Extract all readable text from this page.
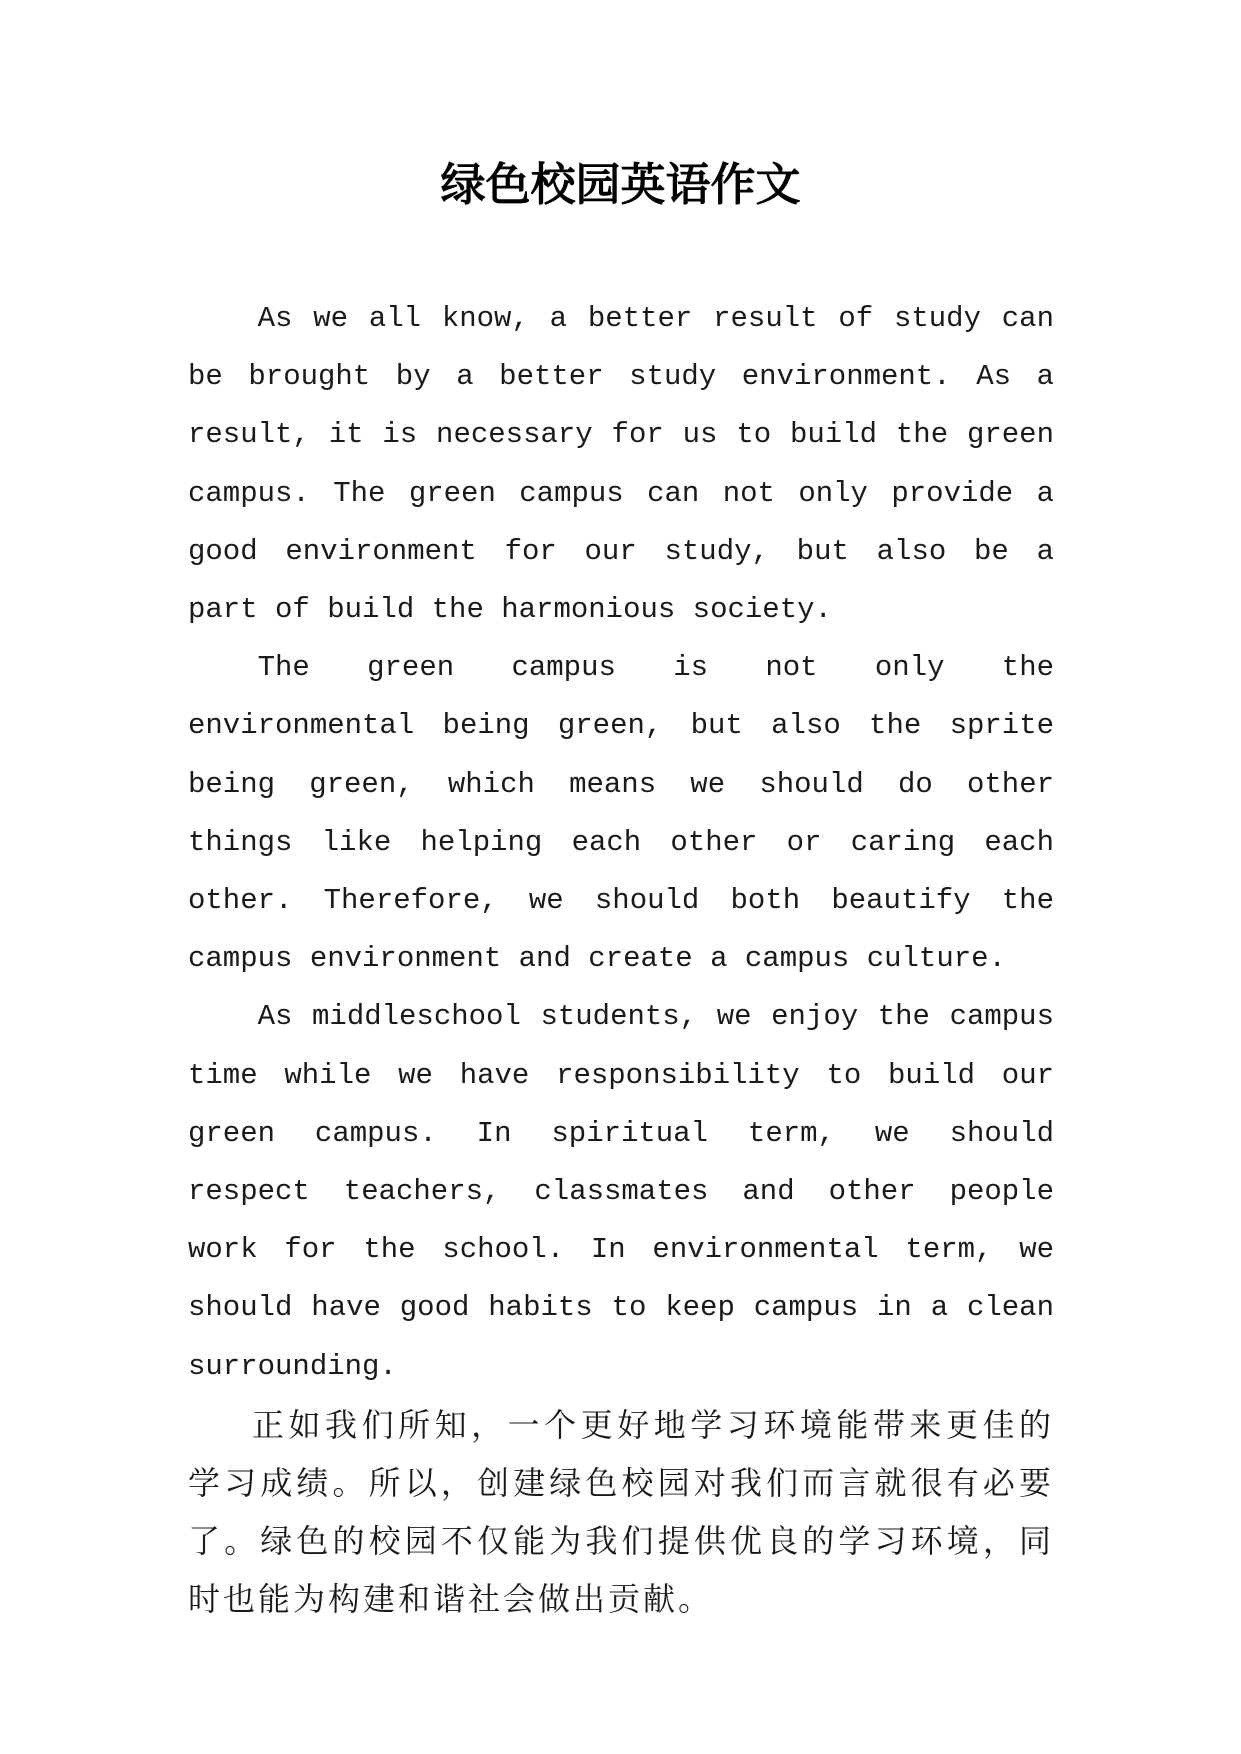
绿色校园英语作文

As we all know, a better result of study can be brought by a better study environment. As a result, it is necessary for us to build the green campus. The green campus can not only provide a good environment for our study, but also be a part of build the harmonious society.

The green campus is not only the environmental being green, but also the sprite being green, which means we should do other things like helping each other or caring each other. Therefore, we should both beautify the campus environment and create a campus culture.

As middleschool students, we enjoy the campus time while we have responsibility to build our green campus. In spiritual term, we should respect teachers, classmates and other people work for the school. In environmental term, we should have good habits to keep campus in a clean surrounding.

正如我们所知，一个更好地学习环境能带来更佳的学习成绩。所以，创建绿色校园对我们而言就很有必要了。绿色的校园不仅能为我们提供优良的学习环境，同时也能为构建和谐社会做出贡献。
